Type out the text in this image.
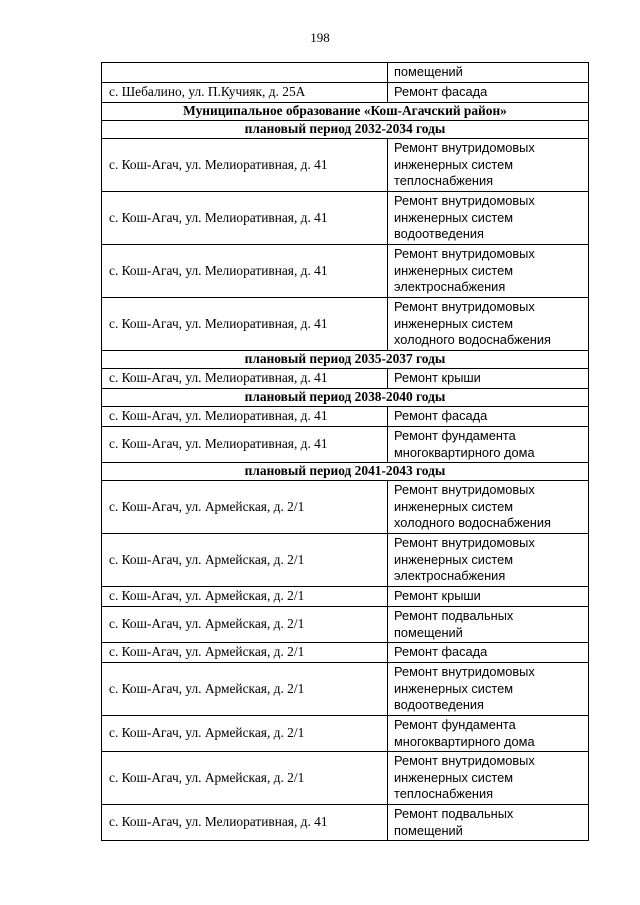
198
	помещений
с. Шебалино, ул. П.Кучияк, д. 25А	Ремонт фасада
Муниципальное образование «Кош-Агачский район»	
плановый период 2032-2034 годы	
с. Кош-Агач, ул. Мелиоративная, д. 41	Ремонт внутридомовых
инженерных систем
теплоснабжения
с. Кош-Агач, ул. Мелиоративная, д. 41	Ремонт внутридомовых
инженерных систем
водоотведения
с. Кош-Агач, ул. Мелиоративная, д. 41	Ремонт внутридомовых
инженерных систем
электроснабжения
с. Кош-Агач, ул. Мелиоративная, д. 41	Ремонт внутридомовых
инженерных систем
холодного водоснабжения
плановый период 2035-2037 годы	
с. Кош-Агач, ул. Мелиоративная, д. 41	Ремонт крыши
плановый период 2038-2040 годы	
с. Кош-Агач, ул. Мелиоративная, д. 41	Ремонт фасада
с. Кош-Агач, ул. Мелиоративная, д. 41	Ремонт фундамента
многоквартирного дома
плановый период 2041-2043 годы	
с. Кош-Агач, ул. Армейская, д. 2/1	Ремонт внутридомовых
инженерных систем
холодного водоснабжения
с. Кош-Агач, ул. Армейская, д. 2/1	Ремонт внутридомовых
инженерных систем
электроснабжения
с. Кош-Агач, ул. Армейская, д. 2/1	Ремонт крыши
с. Кош-Агач, ул. Армейская, д. 2/1	Ремонт подвальных
помещений
с. Кош-Агач, ул. Армейская, д. 2/1	Ремонт фасада
с. Кош-Агач, ул. Армейская, д. 2/1	Ремонт внутридомовых
инженерных систем
водоотведения
с. Кош-Агач, ул. Армейская, д. 2/1	Ремонт фундамента
многоквартирного дома
с. Кош-Агач, ул. Армейская, д. 2/1	Ремонт внутридомовых
инженерных систем
теплоснабжения
с. Кош-Агач, ул. Мелиоративная, д. 41	Ремонт подвальных
помещений
